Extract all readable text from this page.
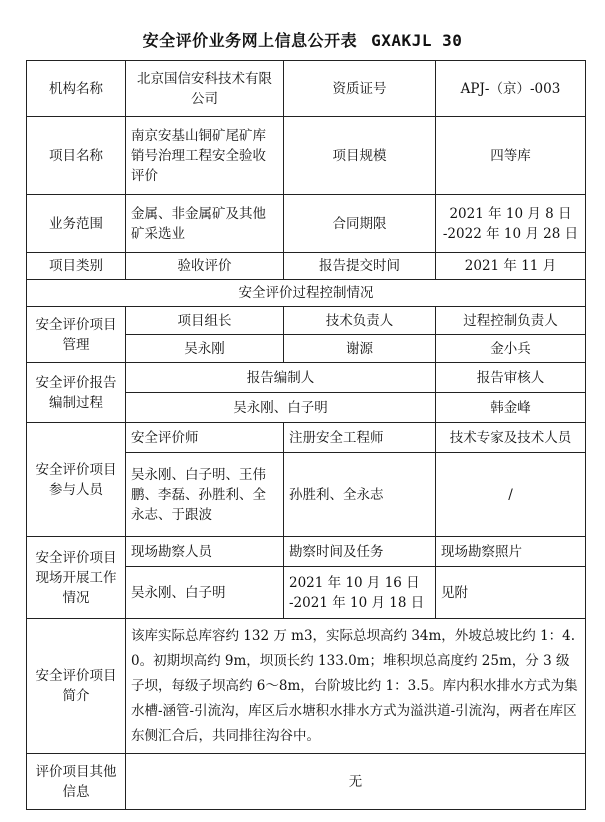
安全评价业务网上信息公开表 GXAKJL 30
机构名称	北京国信安科技术有限公司	资质证号	APJ-（京）-003
项目名称	南京安基山铜矿尾矿库销号治理工程安全验收评价	项目规模	四等库
业务范围	金属、非金属矿及其他矿采选业	合同期限	2021 年 10 月 8 日
-2022 年 10 月 28 日

项目类别	验收评价	报告提交时间	2021 年 11 月
安全评价过程控制情况			
安全评价项目管理	项目组长	技术负责人	过程控制负责人
	吴永刚	谢源	金小兵
安全评价报告编制过程	报告编制人		报告审核人
	吴永刚、白子明		韩金峰
安全评价项目参与人员	安全评价师	注册安全工程师	技术专家及技术人员
	吴永刚、白子明、王伟鹏、李磊、孙胜利、全永志、于跟波	孙胜利、全永志	/
安全评价项目现场开展工作情况	现场勘察人员	勘察时间及任务	现场勘察照片
	吴永刚、白子明	2021 年 10 月 16 日
-2021 年 10 月 18 日	见附
安全评价项目简介	该库实际总库容约 132 万 m3，实际总坝高约 34m，外坡总坡比约 1：4.0。初期坝高约 9m，坝顶长约 133.0m；堆积坝总高度约 25m，分 3 级子坝，每级子坝高约 6～8m，台阶坡比约 1：3.5。库内积水排水方式为集水槽-涵管-引流沟，库区后水塘积水排水方式为溢洪道-引流沟，两者在库区东侧汇合后，共同排往沟谷中。		
评价项目其他信息	无		
